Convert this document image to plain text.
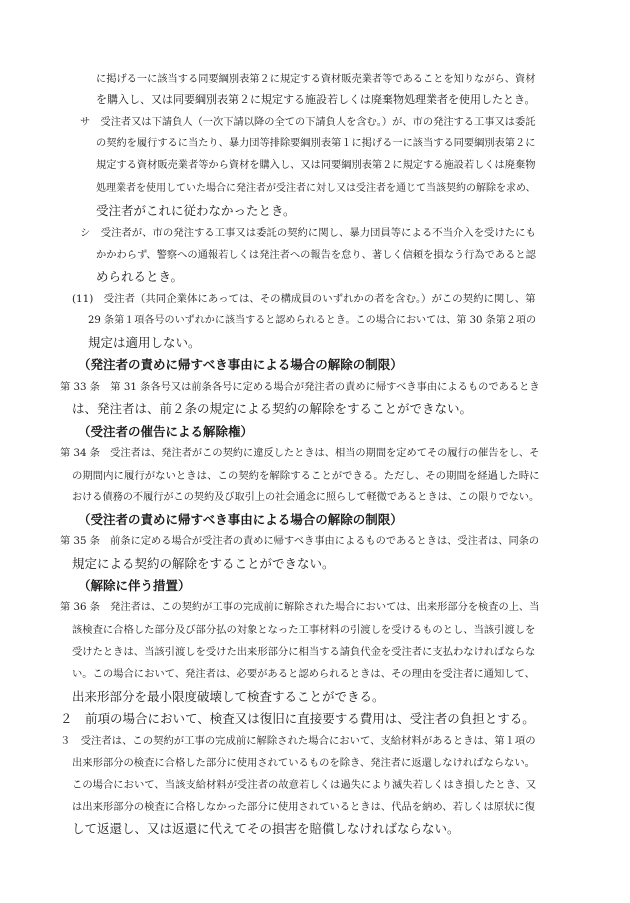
に掲げる一に該当する同要綱別表第２に規定する資材販売業者等であることを知りながら、資材
を購入し、又は同要綱別表第２に規定する施設若しくは廃棄物処理業者を使用したとき。
サ　受注者又は下請負人（一次下請以降の全ての下請負人を含む。）が、市の発注する工事又は委託
の契約を履行するに当たり、暴力団等排除要綱別表第１に掲げる一に該当する同要綱別表第２に
規定する資材販売業者等から資材を購入し、又は同要綱別表第２に規定する施設若しくは廃棄物
処理業者を使用していた場合に発注者が受注者に対し又は受注者を通じて当該契約の解除を求め、
受注者がこれに従わなかったとき。
シ　受注者が、市の発注する工事又は委託の契約に関し、暴力団員等による不当介入を受けたにも
かかわらず、警察への通報若しくは発注者への報告を怠り、著しく信頼を損なう行為であると認
められるとき。
(11)　受注者（共同企業体にあっては、その構成員のいずれかの者を含む。）がこの契約に関し、第
29 条第１項各号のいずれかに該当すると認められるとき。この場合においては、第 30 条第２項の
規定は適用しない。
（発注者の責めに帰すべき事由による場合の解除の制限）
第 33 条　第 31 条各号又は前条各号に定める場合が発注者の責めに帰すべき事由によるものであるとき
は、発注者は、前２条の規定による契約の解除をすることができない。
（受注者の催告による解除権）
第 34 条　受注者は、発注者がこの契約に違反したときは、相当の期間を定めてその履行の催告をし、そ
の期間内に履行がないときは、この契約を解除することができる。ただし、その期間を経過した時に
おける債務の不履行がこの契約及び取引上の社会通念に照らして軽微であるときは、この限りでない。
（受注者の責めに帰すべき事由による場合の解除の制限）
第 35 条　前条に定める場合が受注者の責めに帰すべき事由によるものであるときは、受注者は、同条の
規定による契約の解除をすることができない。
（解除に伴う措置）
第 36 条　発注者は、この契約が工事の完成前に解除された場合においては、出来形部分を検査の上、当
該検査に合格した部分及び部分払の対象となった工事材料の引渡しを受けるものとし、当該引渡しを
受けたときは、当該引渡しを受けた出来形部分に相当する請負代金を受注者に支払わなければならな
い。この場合において、発注者は、必要があると認められるときは、その理由を受注者に通知して、
出来形部分を最小限度破壊して検査することができる。
２　前項の場合において、検査又は復旧に直接要する費用は、受注者の負担とする。
３　受注者は、この契約が工事の完成前に解除された場合において、支給材料があるときは、第１項の
出来形部分の検査に合格した部分に使用されているものを除き、発注者に返還しなければならない。
この場合において、当該支給材料が受注者の故意若しくは過失により滅失若しくはき損したとき、又
は出来形部分の検査に合格しなかった部分に使用されているときは、代品を納め、若しくは原状に復
して返還し、又は返還に代えてその損害を賠償しなければならない。
